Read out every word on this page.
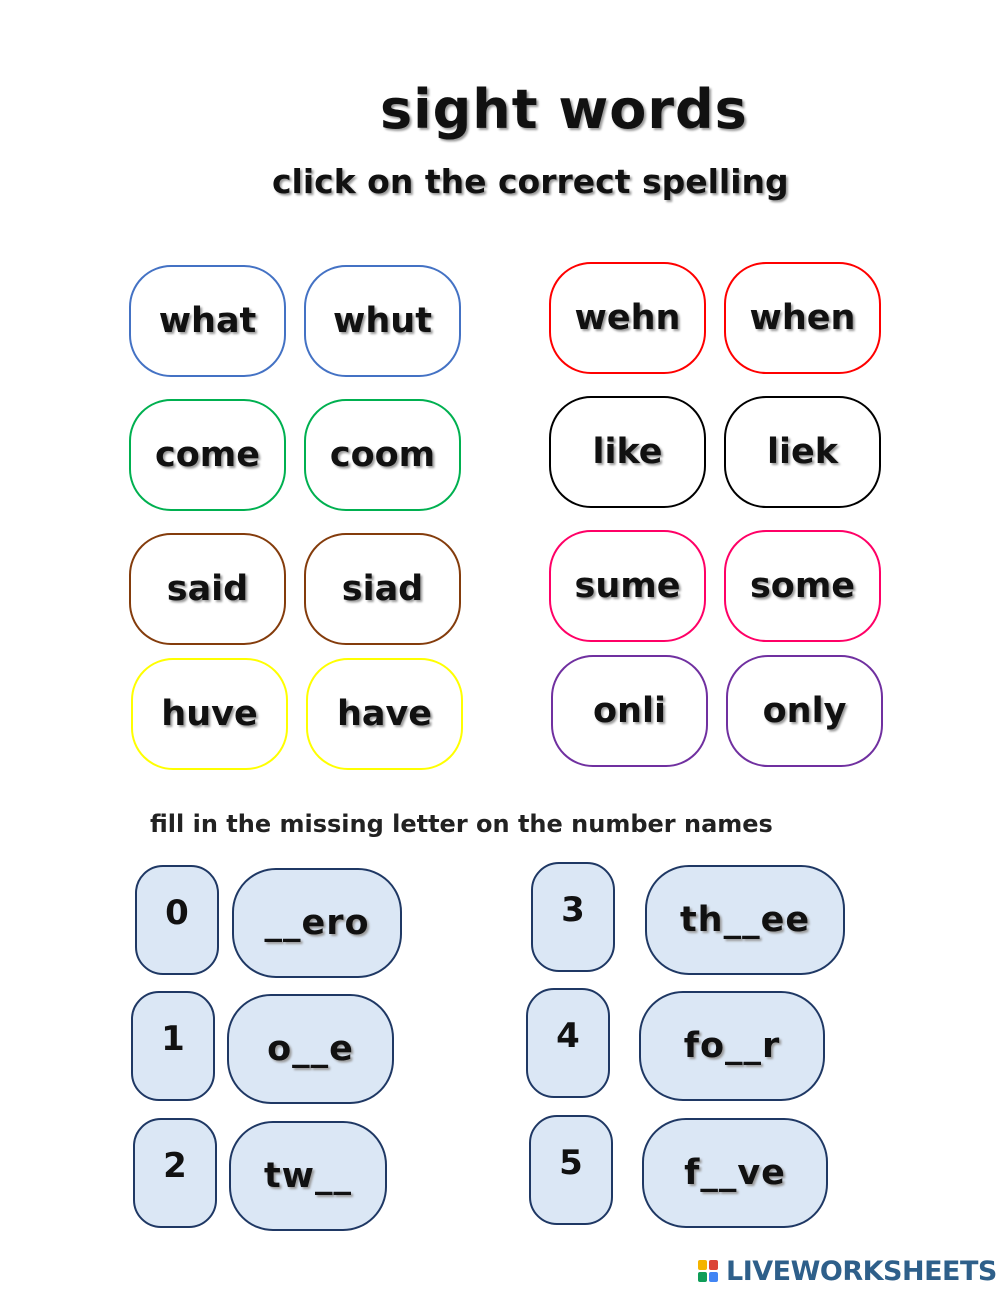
sight words
click on the correct spelling
what	whut
come	coom
said	siad
huve	have
wehn	when
like	liek
sume	some
onli	only

fill in the missing letter on the number names

0	__ero
1	o__e
2	tw__
3	th__ee
4	fo__r
5	f__ve
LIVEWORKSHEETS
